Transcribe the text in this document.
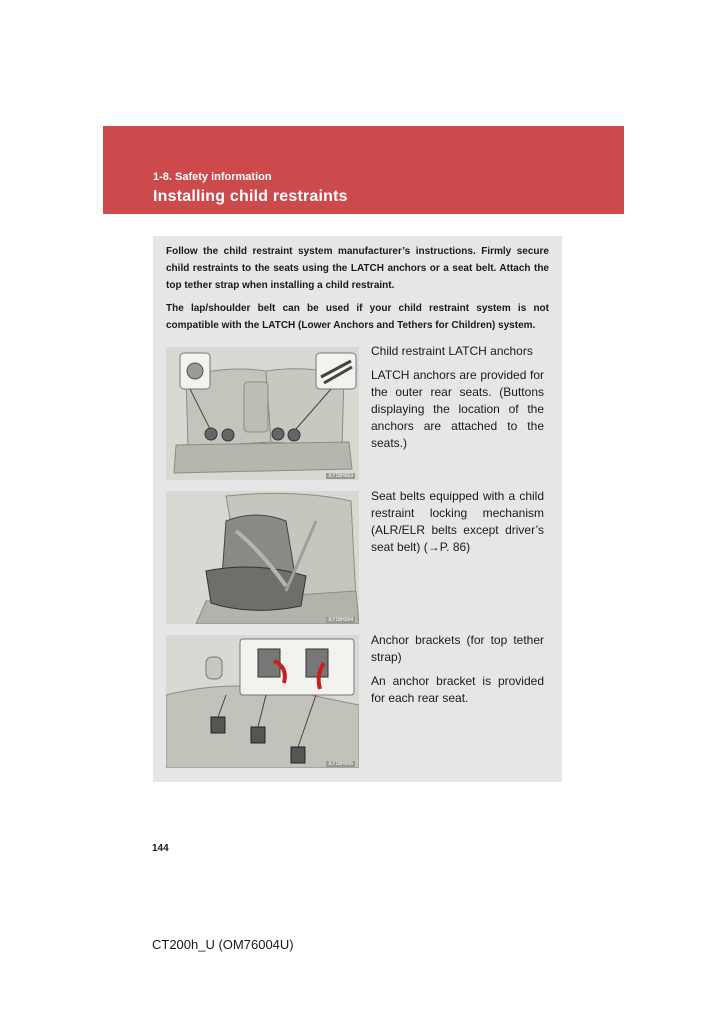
1-8. Safety information
Installing child restraints

Follow the child restraint system manufacturer’s instructions. Firmly secure child restraints to the seats using the LATCH anchors or a seat belt. Attach the top tether strap when installing a child restraint.

The lap/shoulder belt can be used if your child restraint system is not compatible with the LATCH (Lower Anchors and Tethers for Children) system.

ILY18H093

Child restraint LATCH anchors

LATCH anchors are provided for the outer rear seats. (Buttons displaying the location of the anchors are attached to the seats.)

ILY18H094

Seat belts equipped with a child restraint locking mechanism (ALR/ELR belts except driver’s seat belt) (→P. 86)

ILY18H095

Anchor brackets (for top tether strap)

An anchor bracket is provided for each rear seat.

144
CT200h_U (OM76004U)
